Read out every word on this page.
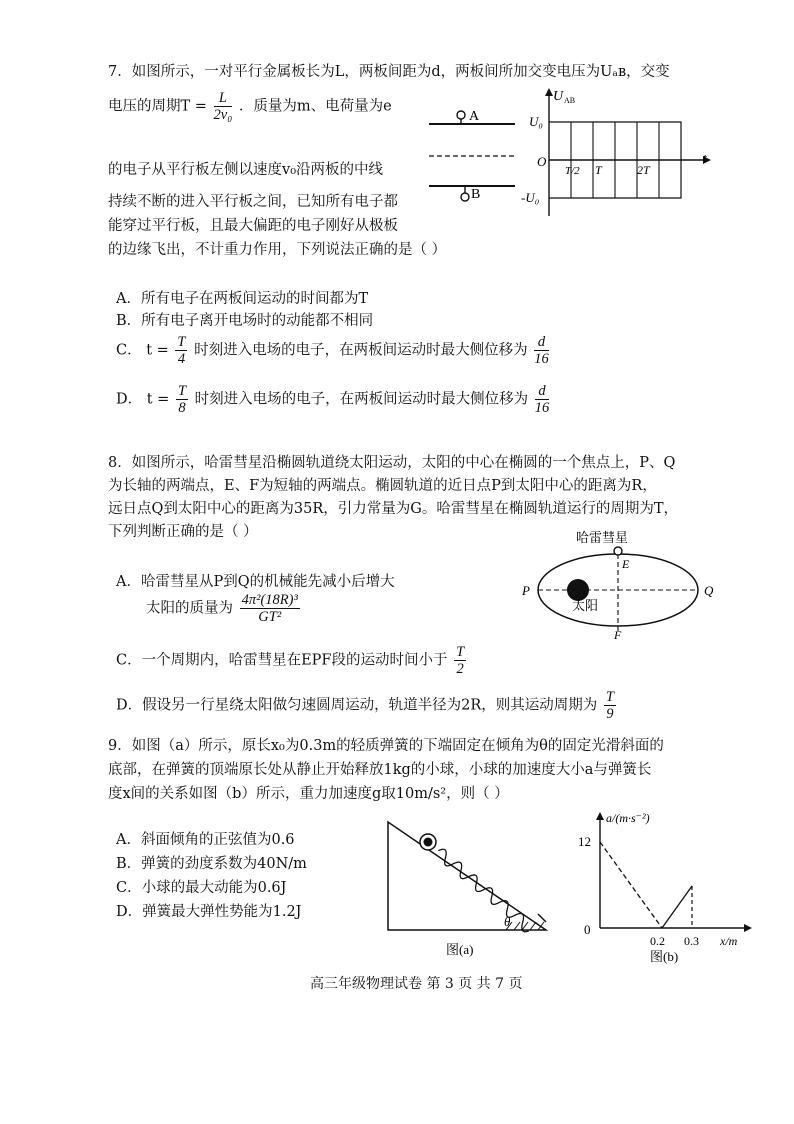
7．如图所示，一对平行金属板长为L，两板间距为d，两板间所加交变电压为Uₐʙ，交变
电压的周期$T = \frac{L}{\text{2v₀}}$ ．质量为m、电荷量为e
的电子从平行板左侧以速度v₀沿两板的中线
持续不断的进入平行板之间，已知所有电子都
能穿过平行板，且最大偏距的电子刚好从极板
的边缘飞出，不计重力作用，下列说法正确的是（ ）
A
B
U AB
t
U₀
O
-U₀
T/2 T	2T
A．所有电子在两板间运动的时间都为T
B．所有电子离开电场时的动能都不相同
C． $t = \frac{T}{4}$ 时刻进入电场的电子，在两板间运动时最大侧位移为 $\frac{d}{16}$
D． $t = \frac{T}{8}$ 时刻进入电场的电子，在两板间运动时最大侧位移为 $\frac{d}{16}$
8．如图所示，哈雷彗星沿椭圆轨道绕太阳运动，太阳的中心在椭圆的一个焦点上，P、Q
为长轴的两端点，E、F为短轴的两端点。椭圆轨道的近日点P到太阳中心的距离为R，
远日点Q到太阳中心的距离为35R，引力常量为G。哈雷彗星在椭圆轨道运行的周期为T，
下列判断正确的是（ ）
A．哈雷彗星从P到Q的机械能先减小后增大
太阳的质量为 $\frac{\text{4π²(18R)³}}{\text{GT²}}$
C．一个周期内，哈雷彗星在EPF段的运动时间小于 $\frac{T}{2}$
D．假设另一行星绕太阳做匀速圆周运动，轨道半径为2R，则其运动周期为 $\frac{T}{9}$
哈雷彗星
太阳
P	Q
E
F
9．如图（a）所示，原长x₀为0.3m的轻质弹簧的下端固定在倾角为θ的固定光滑斜面的
底部，在弹簧的顶端原长处从静止开始释放1kg的小球，小球的加速度大小a与弹簧长
度x间的关系如图（b）所示，重力加速度g取10m/s²，则（ ）
A．斜面倾角的正弦值为0.6
B．弹簧的劲度系数为40N/m
C．小球的最大动能为0.6J
D．弹簧最大弹性势能为1.2J
θ
图(a)
a/(m·s⁻²)
12
0
0.2 0.3 x/m
图(b)
高三年级物理试卷 第 3 页 共 7 页
